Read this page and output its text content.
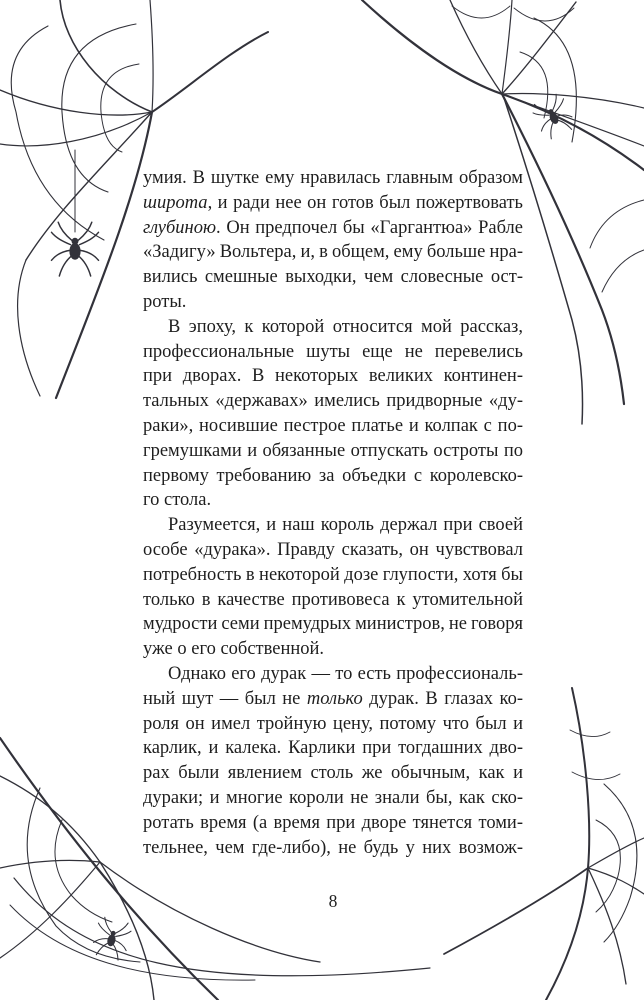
умия. В шутке ему нравилась главным образом
широта, и ради нее он готов был пожертвовать
глубиною. Он предпочел бы «Гаргантюа» Рабле
«Задигу» Вольтера, и, в общем, ему больше нра-
вились смешные выходки, чем словесные ост-
роты.
В эпоху, к которой относится мой рассказ,
профессиональные шуты еще не перевелись
при дворах. В некоторых великих континен-
тальных «державах» имелись придворные «ду-
раки», носившие пестрое платье и колпак с по-
гремушками и обязанные отпускать остроты по
первому требованию за объедки с королевско-
го стола.
Разумеется, и наш король держал при своей
особе «дурака». Правду сказать, он чувствовал
потребность в некоторой дозе глупости, хотя бы
только в качестве противовеса к утомительной
мудрости семи премудрых министров, не говоря
уже о его собственной.
Однако его дурак — то есть профессиональ-
ный шут — был не только дурак. В глазах ко-
роля он имел тройную цену, потому что был и
карлик, и калека. Карлики при тогдашних дво-
рах были явлением столь же обычным, как и
дураки; и многие короли не знали бы, как ско-
ротать время (а время при дворе тянется томи-
тельнее, чем где-либо), не будь у них возмож-
8
